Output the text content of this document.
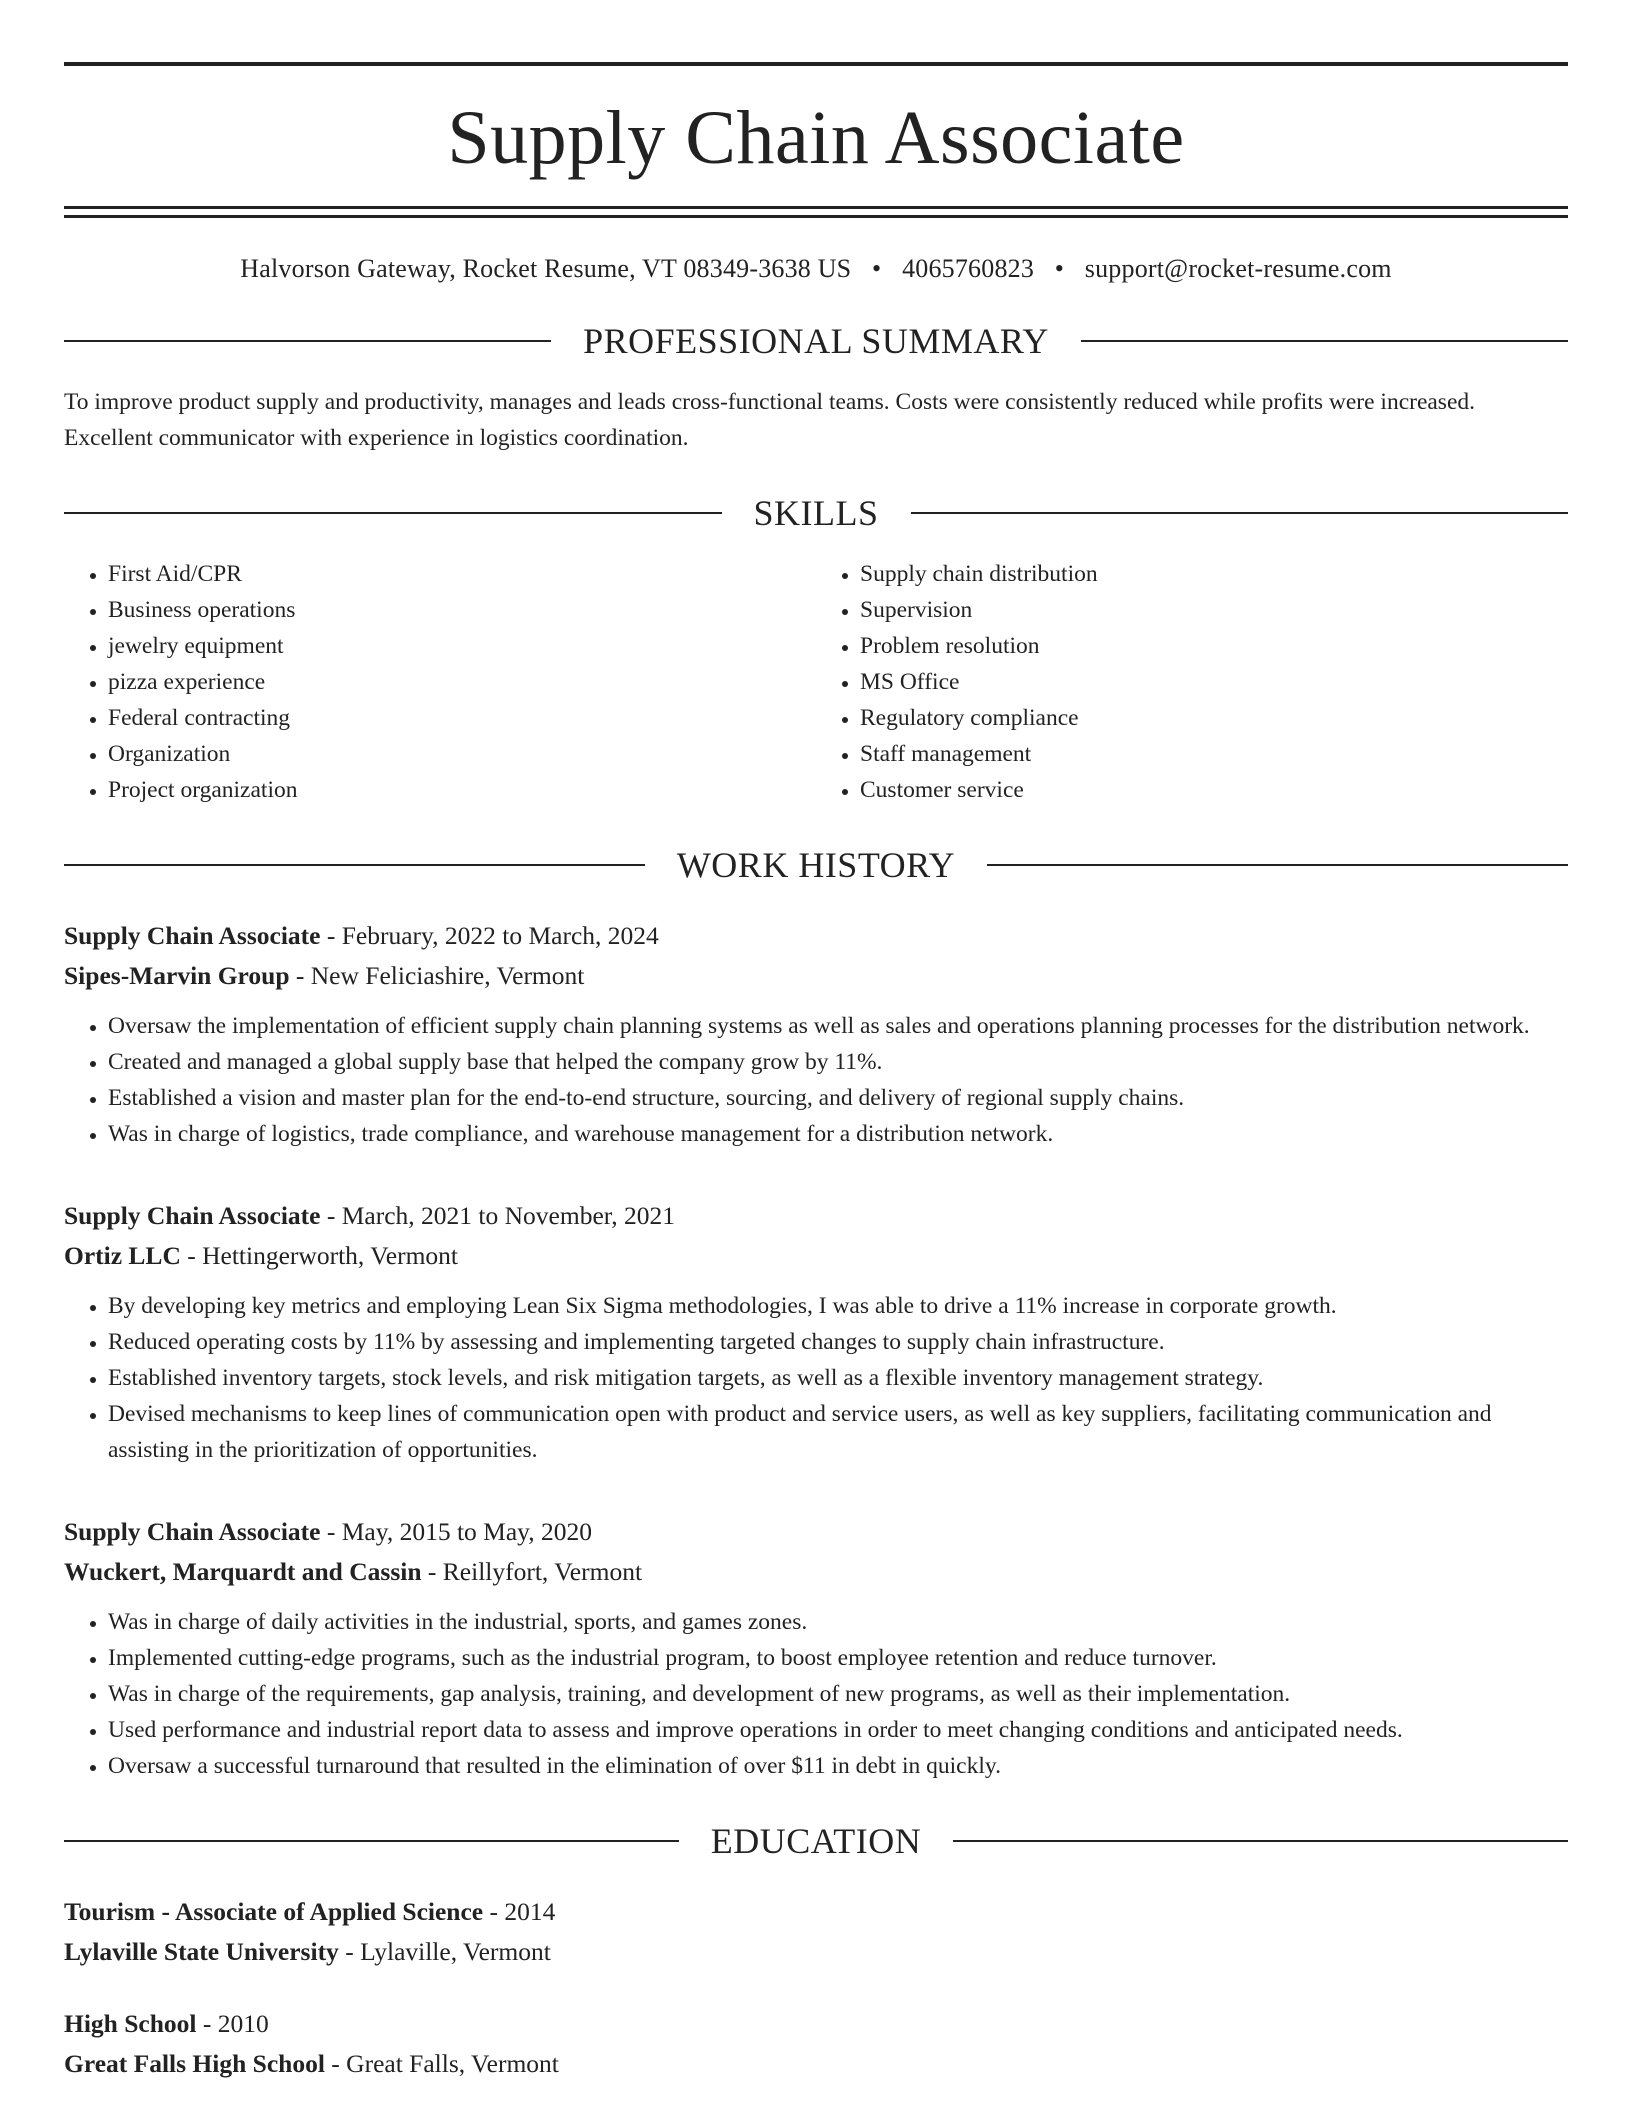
Supply Chain Associate
Halvorson Gateway, Rocket Resume, VT 08349-3638 US • 4065760823 • support@rocket-resume.com
PROFESSIONAL SUMMARY
To improve product supply and productivity, manages and leads cross-functional teams. Costs were consistently reduced while profits were increased. Excellent communicator with experience in logistics coordination.
SKILLS
• First Aid/CPR
• Business operations
• jewelry equipment
• pizza experience
• Federal contracting
• Organization
• Project organization
• Supply chain distribution
• Supervision
• Problem resolution
• MS Office
• Regulatory compliance
• Staff management
• Customer service
WORK HISTORY
Supply Chain Associate - February, 2022 to March, 2024
Sipes-Marvin Group - New Feliciashire, Vermont
• Oversaw the implementation of efficient supply chain planning systems as well as sales and operations planning processes for the distribution network.
• Created and managed a global supply base that helped the company grow by 11%.
• Established a vision and master plan for the end-to-end structure, sourcing, and delivery of regional supply chains.
• Was in charge of logistics, trade compliance, and warehouse management for a distribution network.
Supply Chain Associate - March, 2021 to November, 2021
Ortiz LLC - Hettingerworth, Vermont
• By developing key metrics and employing Lean Six Sigma methodologies, I was able to drive a 11% increase in corporate growth.
• Reduced operating costs by 11% by assessing and implementing targeted changes to supply chain infrastructure.
• Established inventory targets, stock levels, and risk mitigation targets, as well as a flexible inventory management strategy.
• Devised mechanisms to keep lines of communication open with product and service users, as well as key suppliers, facilitating communication and assisting in the prioritization of opportunities.
Supply Chain Associate - May, 2015 to May, 2020
Wuckert, Marquardt and Cassin - Reillyfort, Vermont
• Was in charge of daily activities in the industrial, sports, and games zones.
• Implemented cutting-edge programs, such as the industrial program, to boost employee retention and reduce turnover.
• Was in charge of the requirements, gap analysis, training, and development of new programs, as well as their implementation.
• Used performance and industrial report data to assess and improve operations in order to meet changing conditions and anticipated needs.
• Oversaw a successful turnaround that resulted in the elimination of over $11 in debt in quickly.
EDUCATION
Tourism - Associate of Applied Science - 2014
Lylaville State University - Lylaville, Vermont
High School - 2010
Great Falls High School - Great Falls, Vermont
